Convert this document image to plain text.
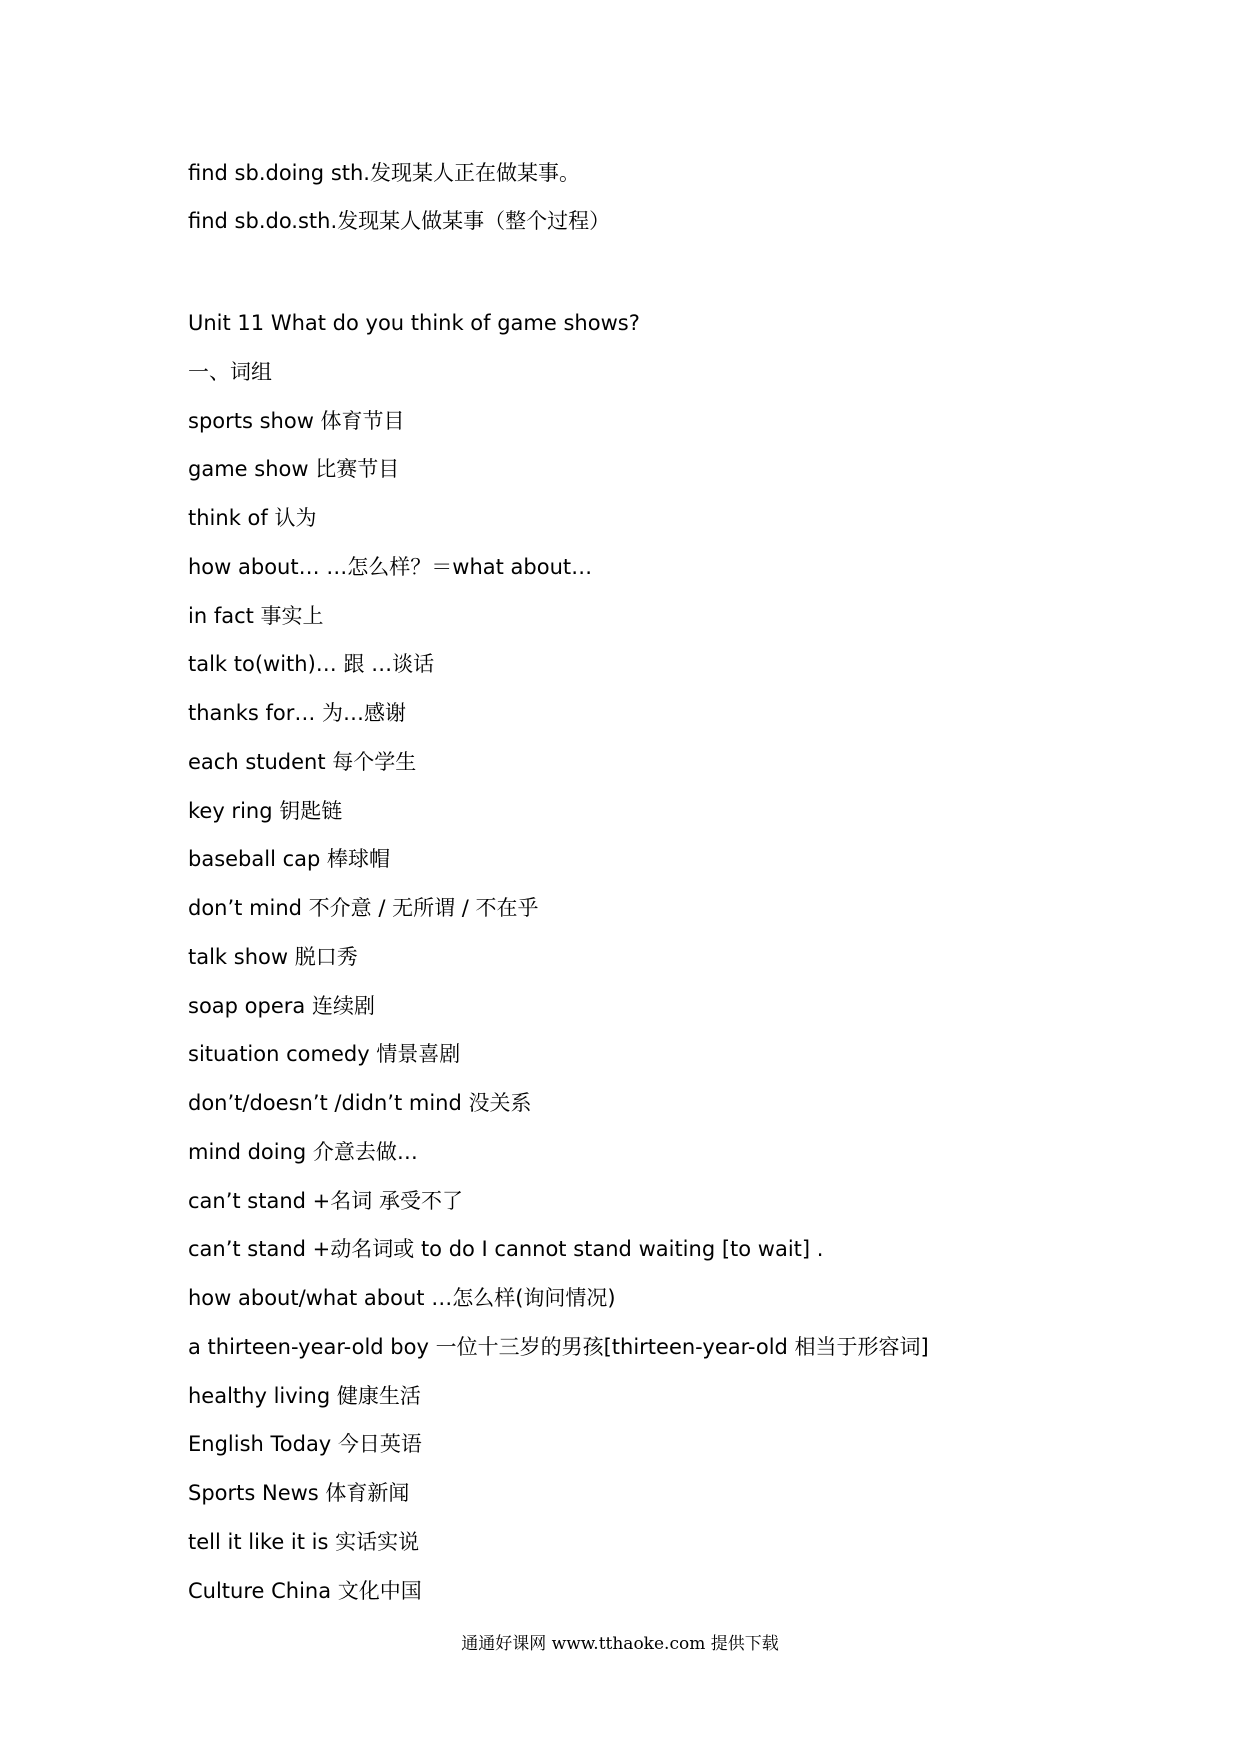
find sb.doing sth.发现某人正在做某事。
find sb.do.sth.发现某人做某事（整个过程）
Unit 11 What do you think of game shows?
一、词组
sports show 体育节目
game show 比赛节目
think of 认为
how about… …怎么样？＝what about…
in fact 事实上
talk to(with)… 跟 …谈话
thanks for… 为…感谢
each student 每个学生
key ring 钥匙链
baseball cap 棒球帽
don’t mind 不介意 / 无所谓 / 不在乎
talk show 脱口秀
soap opera 连续剧
situation comedy 情景喜剧
don’t/doesn’t /didn’t mind 没关系
mind doing 介意去做…
can’t stand +名词 承受不了
can’t stand +动名词或 to do I cannot stand waiting [to wait] .
how about/what about …怎么样(询问情况)
a thirteen-year-old boy 一位十三岁的男孩[thirteen-year-old 相当于形容词]
healthy living 健康生活
English Today 今日英语
Sports News 体育新闻
tell it like it is 实话实说
Culture China 文化中国
通通好课网 www.tthaoke.com 提供下载
